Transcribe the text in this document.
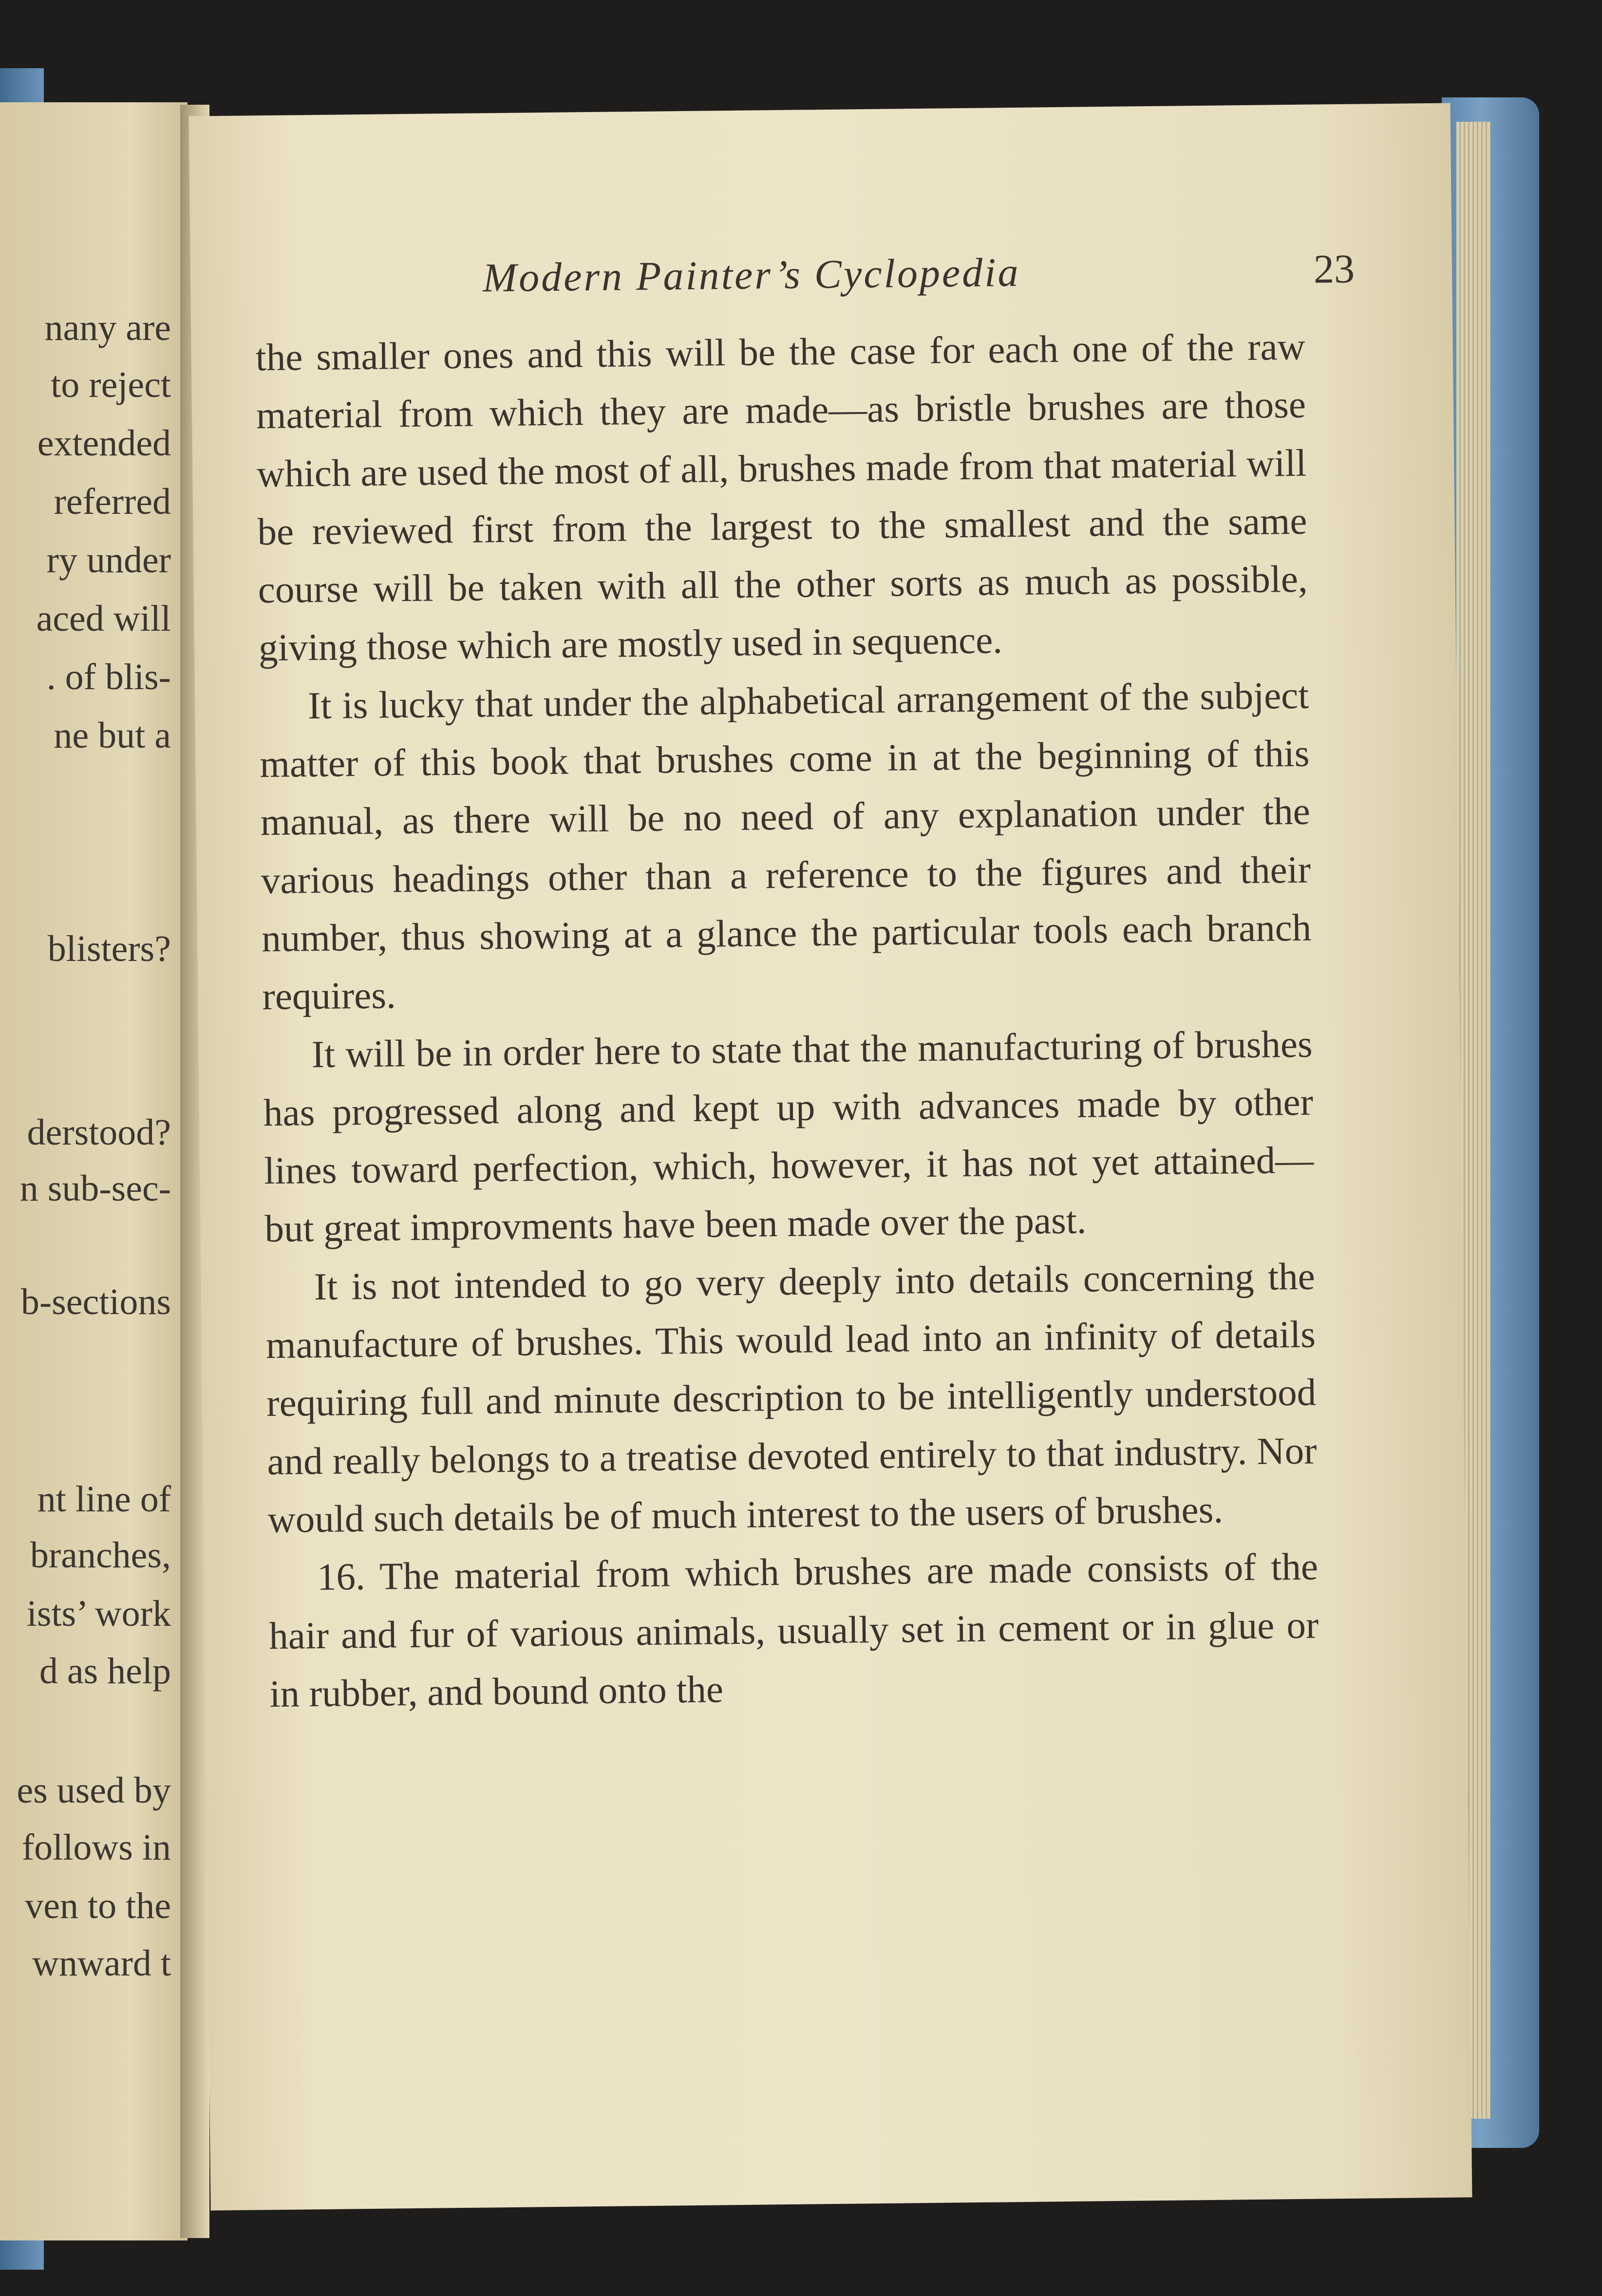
nany are
to reject
extended
referred
ry under
aced will
. of blis-
ne but a
blisters?
derstood?
n sub-sec-
b-sections
nt line of
branches,
ists’ work
d as help
es used by
follows in
ven to the
wnward t
Modern Painter’s Cyclopedia	23

the smaller ones and this will be the case for each one of the raw material from which they are made—as bristle brushes are those which are used the most of all, brushes made from that material will be reviewed first from the largest to the smallest and the same course will be taken with all the other sorts as much as possible, giving those which are mostly used in sequence.

It is lucky that under the alphabetical arrangement of the subject matter of this book that brushes come in at the beginning of this manual, as there will be no need of any explanation under the various headings other than a reference to the figures and their number, thus showing at a glance the particular tools each branch requires.

It will be in order here to state that the manufacturing of brushes has progressed along and kept up with advances made by other lines toward perfection, which, however, it has not yet attained—but great improvments have been made over the past.

It is not intended to go very deeply into details concerning the manufacture of brushes. This would lead into an infinity of details requiring full and minute description to be intelligently understood and really belongs to a treatise devoted entirely to that industry. Nor would such details be of much interest to the users of brushes.

16. The material from which brushes are made consists of the hair and fur of various animals, usually set in cement or in glue or in rubber, and bound onto the
